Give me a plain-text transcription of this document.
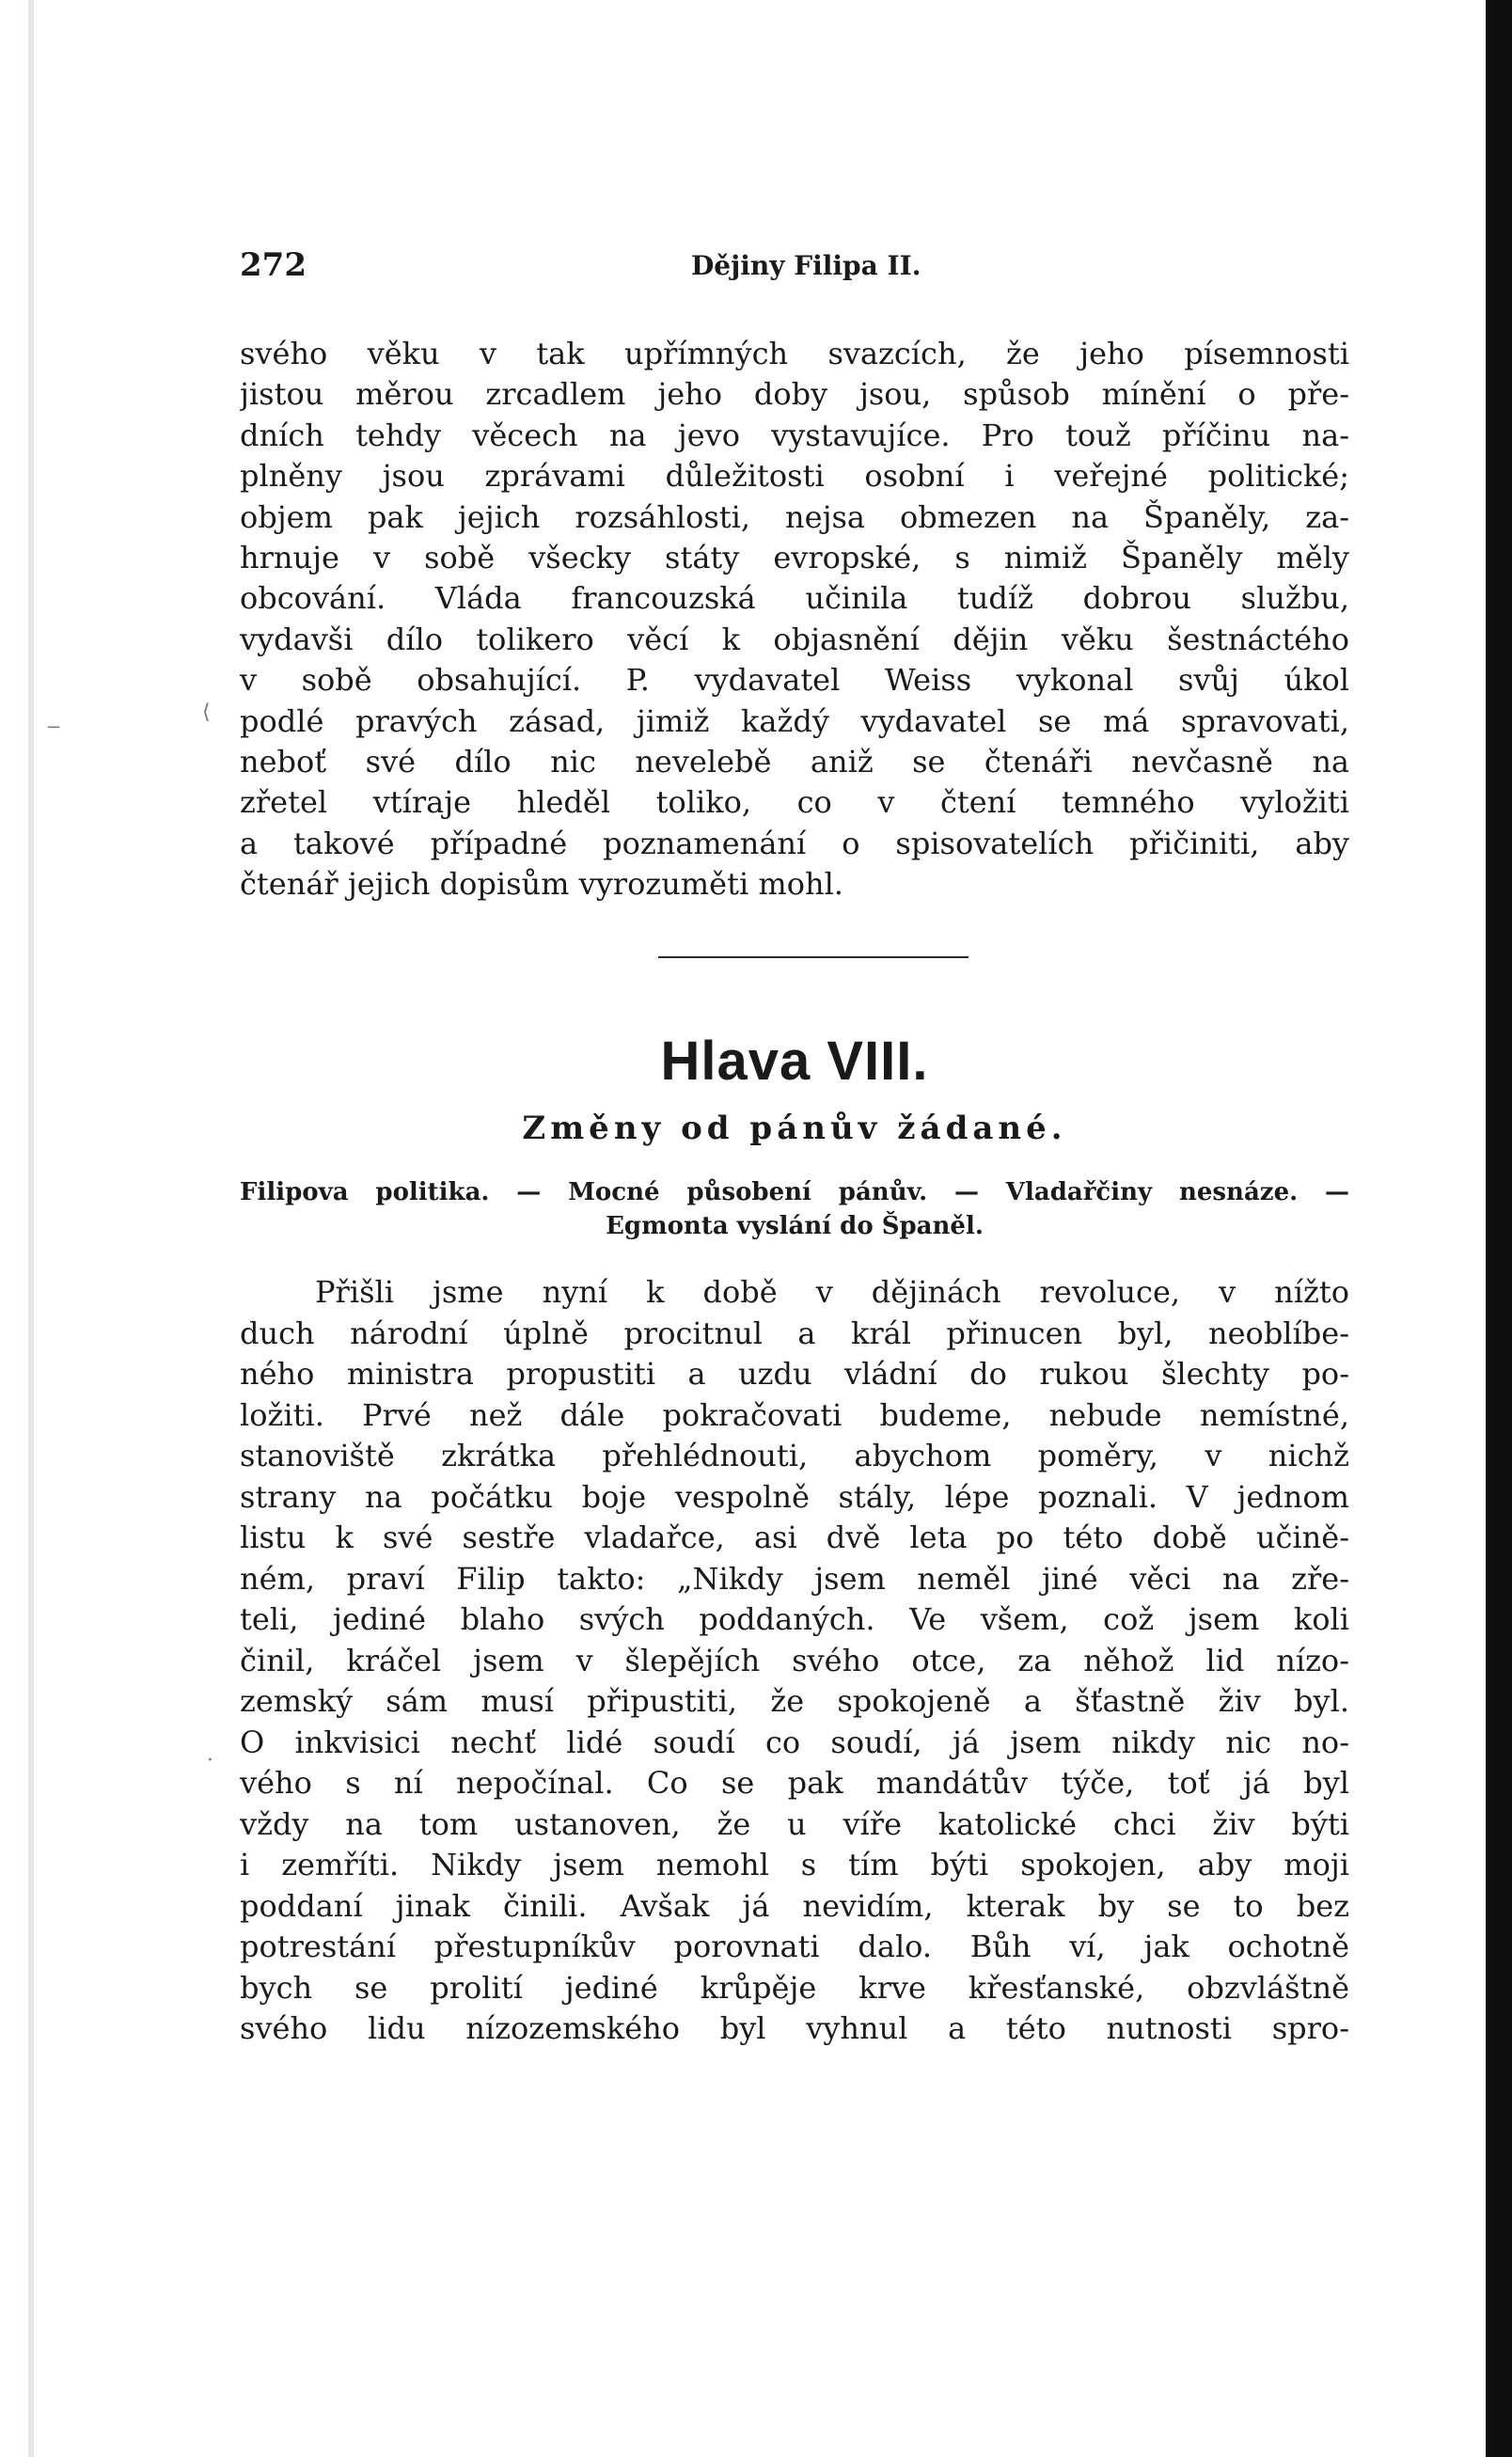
272	Dějiny Filipa II.
svého věku v tak upřímných svazcích, že jeho písemnosti
jistou měrou zrcadlem jeho doby jsou, spůsob mínění o pře-
dních tehdy věcech na jevo vystavujíce. Pro touž příčinu na-
plněny jsou zprávami důležitosti osobní i veřejné politické;
objem pak jejich rozsáhlosti, nejsa obmezen na Španěly, za-
hrnuje v sobě všecky státy evropské, s nimiž Španěly měly
obcování. Vláda francouzská učinila tudíž dobrou službu,
vydavši dílo tolikero věcí k objasnění dějin věku šestnáctého
v sobě obsahující. P. vydavatel Weiss vykonal svůj úkol
podlé pravých zásad, jimiž každý vydavatel se má spravovati,
neboť své dílo nic nevelebě aniž se čtenáři nevčasně na
zřetel vtíraje hleděl toliko, co v čtení temného vyložiti
a takové případné poznamenání o spisovatelích přičiniti, aby
čtenář jejich dopisům vyrozuměti mohl.
Hlava VIII.
Změny od pánův žádané.
Filipova politika. — Mocné působení pánův. — Vladařčiny nesnáze. —
Egmonta vyslání do Španěl.
Přišli jsme nyní k době v dějinách revoluce, v nížto
duch národní úplně procitnul a král přinucen byl, neoblíbe-
ného ministra propustiti a uzdu vládní do rukou šlechty po-
ložiti. Prvé než dále pokračovati budeme, nebude nemístné,
stanoviště zkrátka přehlédnouti, abychom poměry, v nichž
strany na počátku boje vespolně stály, lépe poznali. V jednom
listu k své sestře vladařce, asi dvě leta po této době učině-
ném, praví Filip takto: „Nikdy jsem neměl jiné věci na zře-
teli, jediné blaho svých poddaných. Ve všem, což jsem koli
činil, kráčel jsem v šlepějích svého otce, za něhož lid nízo-
zemský sám musí připustiti, že spokojeně a šťastně živ byl.
O inkvisici nechť lidé soudí co soudí, já jsem nikdy nic no-
vého s ní nepočínal. Co se pak mandátův týče, toť já byl
vždy na tom ustanoven, že u víře katolické chci živ býti
i zemříti. Nikdy jsem nemohl s tím býti spokojen, aby moji
poddaní jinak činili. Avšak já nevidím, kterak by se to bez
potrestání přestupníkův porovnati dalo. Bůh ví, jak ochotně
bych se prolití jediné krůpěje krve křesťanské, obzvláštně
svého lidu nízozemského byl vyhnul a této nutnosti spro-
‒
⟨
·
